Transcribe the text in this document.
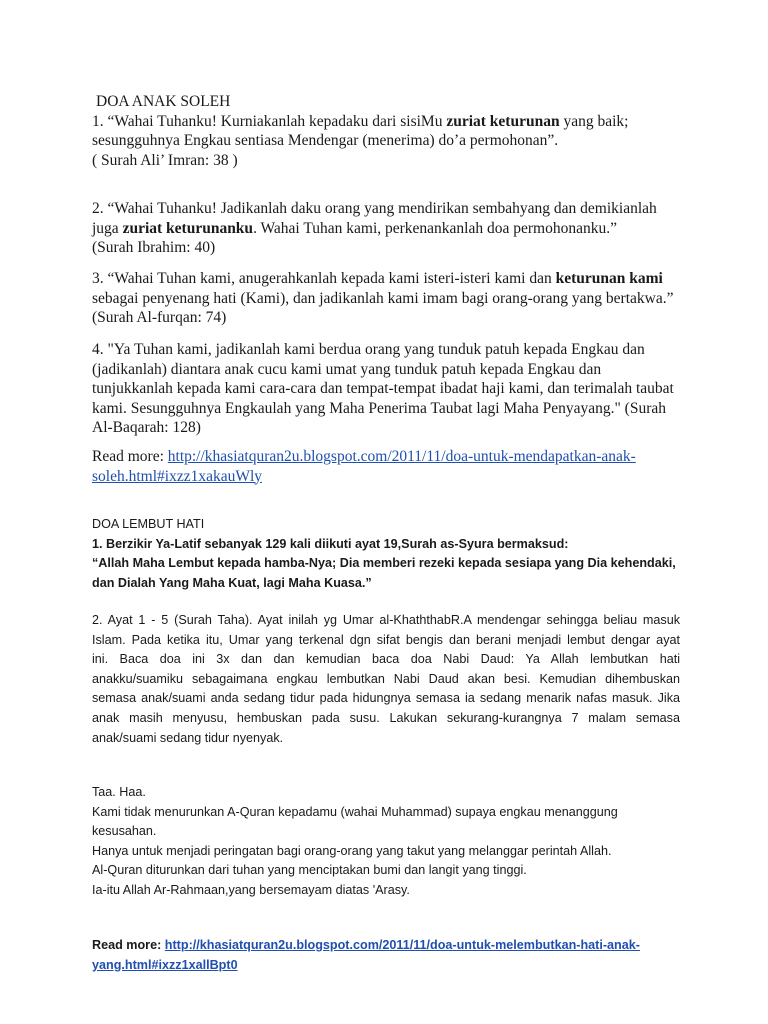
DOA ANAK SOLEH
1. “Wahai Tuhanku! Kurniakanlah kepadaku dari sisiMu zuriat keturunan yang baik;
sesungguhnya Engkau sentiasa Mendengar (menerima) do’a permohonan”.
( Surah Ali’ Imran: 38 )
2. “Wahai Tuhanku! Jadikanlah daku orang yang mendirikan sembahyang dan demikianlah
juga zuriat keturunanku. Wahai Tuhan kami, perkenankanlah doa permohonanku.”
(Surah Ibrahim: 40)
3. “Wahai Tuhan kami, anugerahkanlah kepada kami isteri-isteri kami dan keturunan kami
sebagai penyenang hati (Kami), dan jadikanlah kami imam bagi orang-orang yang bertakwa.”
(Surah Al-furqan: 74)
4. "Ya Tuhan kami, jadikanlah kami berdua orang yang tunduk patuh kepada Engkau dan
(jadikanlah) diantara anak cucu kami umat yang tunduk patuh kepada Engkau dan
tunjukkanlah kepada kami cara-cara dan tempat-tempat ibadat haji kami, dan terimalah taubat
kami. Sesungguhnya Engkaulah yang Maha Penerima Taubat lagi Maha Penyayang." (Surah
Al-Baqarah: 128)
Read more: http://khasiatquran2u.blogspot.com/2011/11/doa-untuk-mendapatkan-anak-
soleh.html#ixzz1xakauWly
DOA LEMBUT HATI
1. Berzikir Ya-Latif sebanyak 129 kali diikuti ayat 19,Surah as-Syura bermaksud:
“Allah Maha Lembut kepada hamba-Nya; Dia memberi rezeki kepada sesiapa yang Dia kehendaki,
dan Dialah Yang Maha Kuat, lagi Maha Kuasa.”
2. Ayat 1 - 5 (Surah Taha). Ayat inilah yg Umar al-KhaththabR.A mendengar sehingga beliau masuk
Islam. Pada ketika itu, Umar yang terkenal dgn sifat bengis dan berani menjadi lembut dengar ayat
ini. Baca doa ini 3x dan dan kemudian baca doa Nabi Daud: Ya Allah lembutkan hati
anakku/suamiku sebagaimana engkau lembutkan Nabi Daud akan besi. Kemudian dihembuskan
semasa anak/suami anda sedang tidur pada hidungnya semasa ia sedang menarik nafas masuk. Jika
anak masih menyusu, hembuskan pada susu. Lakukan sekurang-kurangnya 7 malam semasa
anak/suami sedang tidur nyenyak.
Taa. Haa.
Kami tidak menurunkan A-Quran kepadamu (wahai Muhammad) supaya engkau menanggung
kesusahan.
Hanya untuk menjadi peringatan bagi orang-orang yang takut yang melanggar perintah Allah.
Al-Quran diturunkan dari tuhan yang menciptakan bumi dan langit yang tinggi.
Ia-itu Allah Ar-Rahmaan,yang bersemayam diatas 'Arasy.
Read more: http://khasiatquran2u.blogspot.com/2011/11/doa-untuk-melembutkan-hati-anak-
yang.html#ixzz1xallBpt0
